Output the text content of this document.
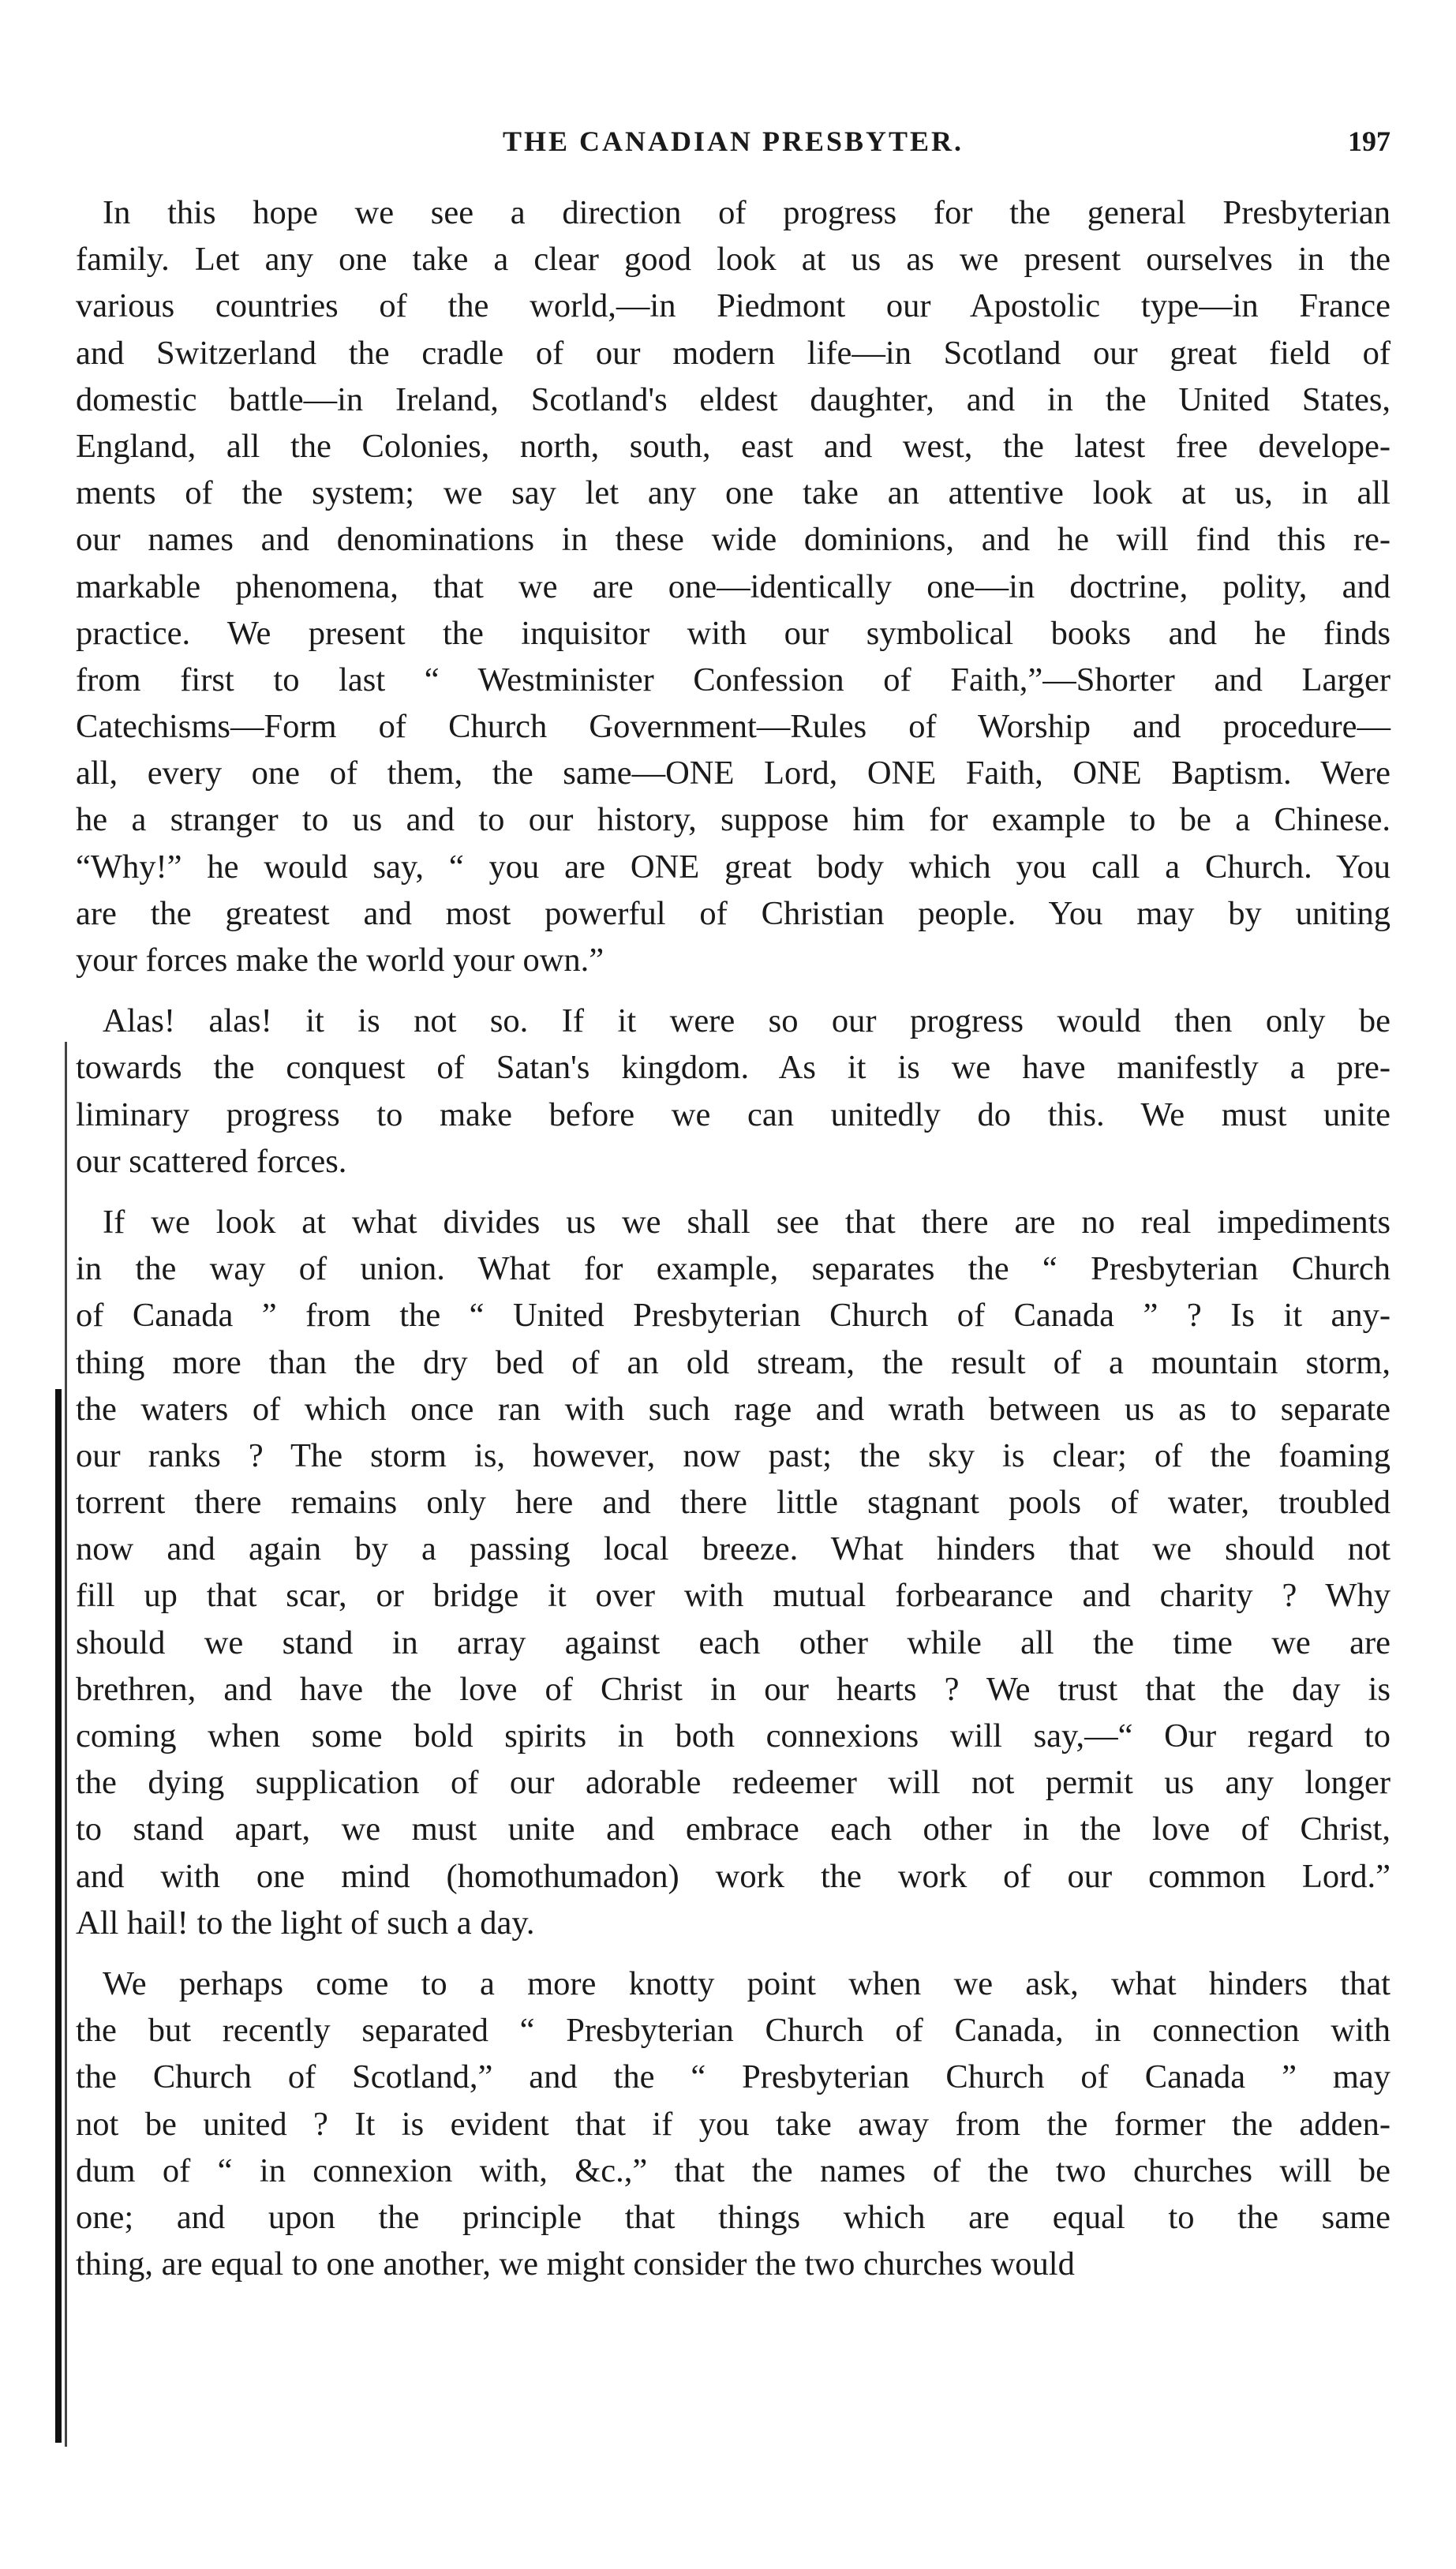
THE CANADIAN PRESBYTER.	197
In this hope we see a direction of progress for the general Presbyterian
family. Let any one take a clear good look at us as we present ourselves in the
various countries of the world,—in Piedmont our Apostolic type—in France
and Switzerland the cradle of our modern life—in Scotland our great field of
domestic battle—in Ireland, Scotland's eldest daughter, and in the United States,
England, all the Colonies, north, south, east and west, the latest free develope-
ments of the system; we say let any one take an attentive look at us, in all
our names and denominations in these wide dominions, and he will find this re-
markable phenomena, that we are one—identically one—in doctrine, polity, and
practice. We present the inquisitor with our symbolical books and he finds
from first to last “ Westminister Confession of Faith,”—Shorter and Larger
Catechisms—Form of Church Government—Rules of Worship and procedure—
all, every one of them, the same—ONE Lord, ONE Faith, ONE Baptism. Were
he a stranger to us and to our history, suppose him for example to be a Chinese.
“Why!” he would say, “ you are ONE great body which you call a Church. You
are the greatest and most powerful of Christian people. You may by uniting
your forces make the world your own.”
Alas! alas! it is not so. If it were so our progress would then only be
towards the conquest of Satan's kingdom. As it is we have manifestly a pre-
liminary progress to make before we can unitedly do this. We must unite
our scattered forces.
If we look at what divides us we shall see that there are no real impediments
in the way of union. What for example, separates the “ Presbyterian Church
of Canada ” from the “ United Presbyterian Church of Canada ” ? Is it any-
thing more than the dry bed of an old stream, the result of a mountain storm,
the waters of which once ran with such rage and wrath between us as to separate
our ranks ? The storm is, however, now past; the sky is clear; of the foaming
torrent there remains only here and there little stagnant pools of water, troubled
now and again by a passing local breeze. What hinders that we should not
fill up that scar, or bridge it over with mutual forbearance and charity ? Why
should we stand in array against each other while all the time we are
brethren, and have the love of Christ in our hearts ? We trust that the day is
coming when some bold spirits in both connexions will say,—“ Our regard to
the dying supplication of our adorable redeemer will not permit us any longer
to stand apart, we must unite and embrace each other in the love of Christ,
and with one mind (homothumadon) work the work of our common Lord.”
All hail! to the light of such a day.
We perhaps come to a more knotty point when we ask, what hinders that
the but recently separated “ Presbyterian Church of Canada, in connection with
the Church of Scotland,” and the “ Presbyterian Church of Canada ” may
not be united ? It is evident that if you take away from the former the adden-
dum of “ in connexion with, &c.,” that the names of the two churches will be
one; and upon the principle that things which are equal to the same
thing, are equal to one another, we might consider the two churches would
